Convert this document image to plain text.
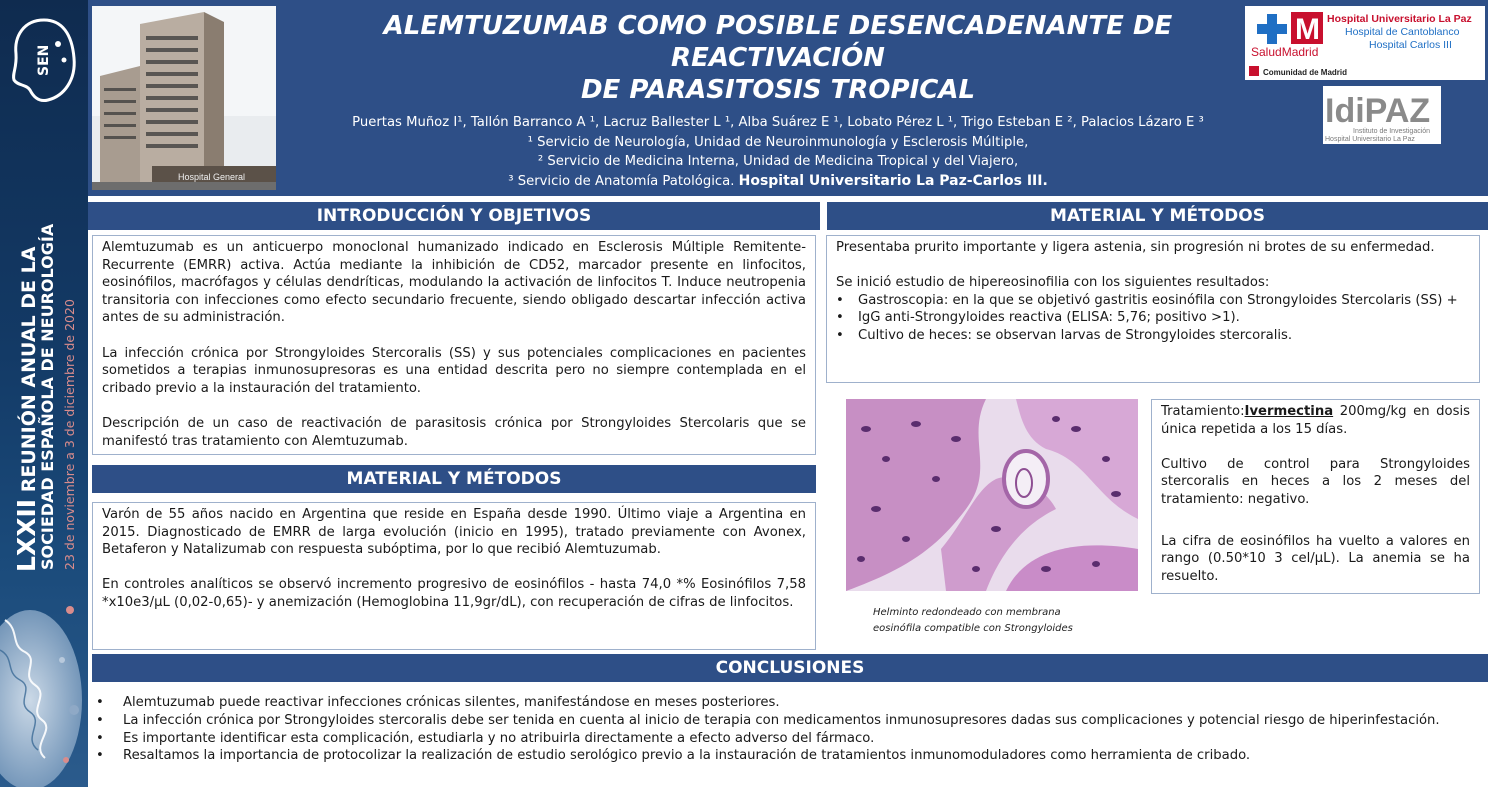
SEN
LXXII REUNIÓN ANUAL DE LA
SOCIEDAD ESPAÑOLA DE NEUROLOGÍA 23 de noviembre a 3 de diciembre de 2020
Hospital General
ALEMTUZUMAB COMO POSIBLE DESENCADENANTE DE
REACTIVACIÓN
DE PARASITOSIS TROPICAL
Puertas Muñoz I¹, Tallón Barranco A ¹, Lacruz Ballester L ¹, Alba Suárez E ¹, Lobato Pérez L ¹, Trigo Esteban E ², Palacios Lázaro E ³
¹ Servicio de Neurología, Unidad de Neuroinmunología y Esclerosis Múltiple,
² Servicio de Medicina Interna, Unidad de Medicina Tropical y del Viajero,
³ Servicio de Anatomía Patológica. Hospital Universitario La Paz-Carlos III.
M
SaludMadrid
Hospital Universitario La Paz
Hospital de Cantoblanco
Hospital Carlos III
Comunidad de Madrid
IdiPAZ
Instituto de Investigación
Hospital Universitario La Paz
INTRODUCCIÓN Y OBJETIVOS

Alemtuzumab es un anticuerpo monoclonal humanizado indicado en Esclerosis Múltiple Remitente-Recurrente (EMRR) activa. Actúa mediante la inhibición de CD52, marcador presente en linfocitos, eosinófilos, macrófagos y células dendríticas, modulando la activación de linfocitos T. Induce neutropenia transitoria con infecciones como efecto secundario frecuente, siendo obligado descartar infección activa antes de su administración.

La infección crónica por Strongyloides Stercoralis (SS) y sus potenciales complicaciones en pacientes sometidos a terapias inmunosupresoras es una entidad descrita pero no siempre contemplada en el cribado previo a la instauración del tratamiento.

Descripción de un caso de reactivación de parasitosis crónica por Strongyloides Stercolaris que se manifestó tras tratamiento con Alemtuzumab.

MATERIAL Y MÉTODOS

Varón de 55 años nacido en Argentina que reside en España desde 1990. Último viaje a Argentina en 2015. Diagnosticado de EMRR de larga evolución (inicio en 1995), tratado previamente con Avonex, Betaferon y Natalizumab con respuesta subóptima, por lo que recibió Alemtuzumab.

En controles analíticos se observó incremento progresivo de eosinófilos - hasta 74,0 *% Eosinófilos 7,58 *x10e3/µL (0,02-0,65)- y anemización (Hemoglobina 11,9gr/dL), con recuperación de cifras de linfocitos.

MATERIAL Y MÉTODOS

Presentaba prurito importante y ligera astenia, sin progresión ni brotes de su enfermedad.

Se inició estudio de hipereosinofilia con los siguientes resultados:
•	Gastroscopia: en la que se objetivó gastritis eosinófila con Strongyloides Stercolaris (SS) +
•	IgG anti-Strongyloides reactiva (ELISA: 5,76; positivo >1).
•	Cultivo de heces: se observan larvas de Strongyloides stercoralis.
Helminto redondeado con membrana
eosinófila compatible con Strongyloides

Tratamiento:Ivermectina 200mg/kg en dosis única repetida a los 15 días.

Cultivo de control para Strongyloides stercoralis en heces a los 2 meses del tratamiento: negativo.

La cifra de eosinófilos ha vuelto a valores en rango (0.50*10 3 cel/µL). La anemia se ha resuelto.

CONCLUSIONES
•	Alemtuzumab puede reactivar infecciones crónicas silentes, manifestándose en meses posteriores.
•	La infección crónica por Strongyloides stercoralis debe ser tenida en cuenta al inicio de terapia con medicamentos inmunosupresores dadas sus complicaciones y potencial riesgo de hiperinfestación.
•	Es importante identificar esta complicación, estudiarla y no atribuirla directamente a efecto adverso del fármaco.
•	Resaltamos la importancia de protocolizar la realización de estudio serológico previo a la instauración de tratamientos inmunomoduladores como herramienta de cribado.
